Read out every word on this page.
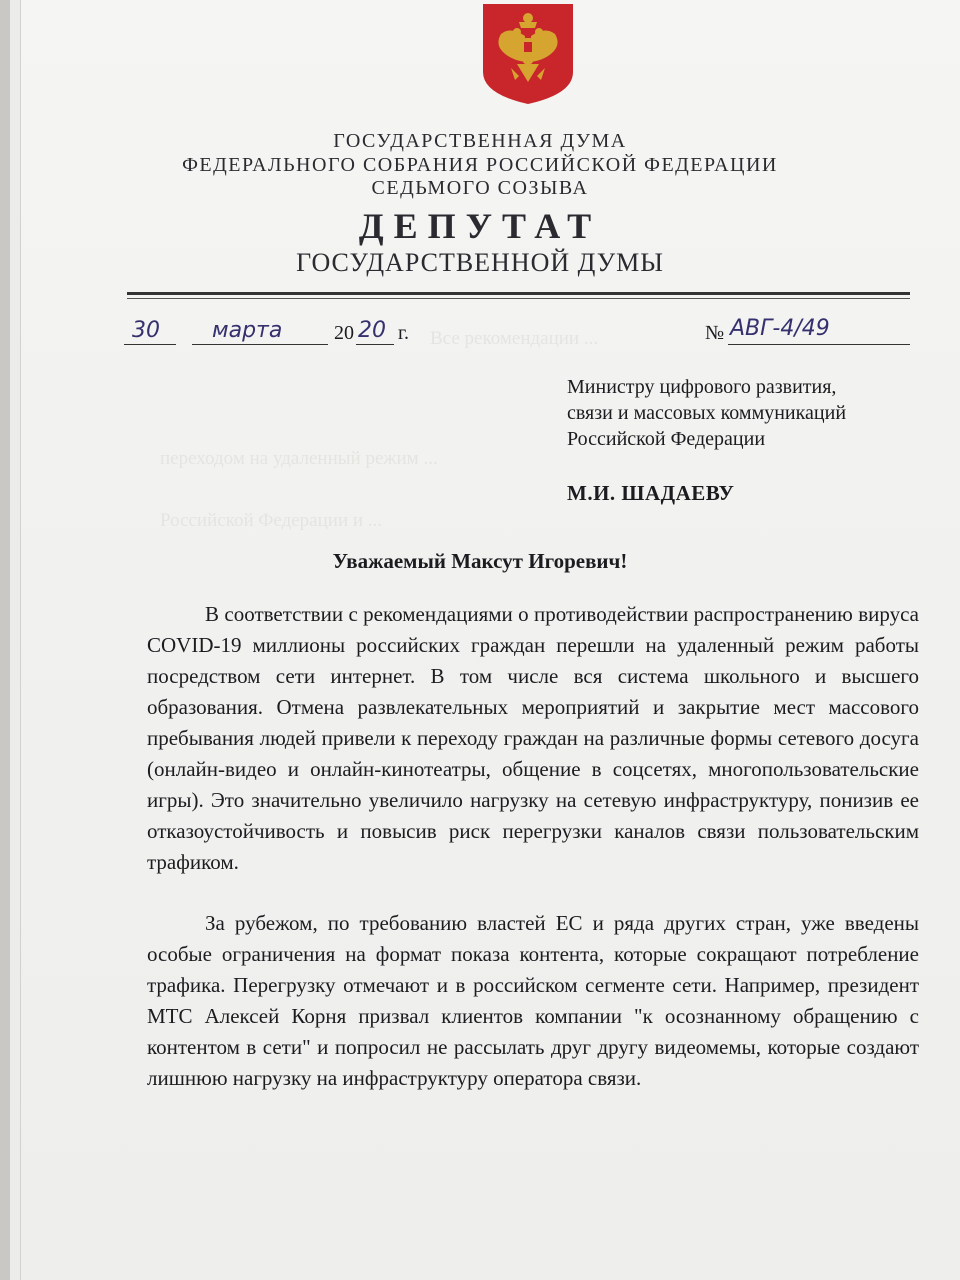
Все рекомендации ...
переходом на удаленный режим ...
Российской Федерации и ...
ГОСУДАРСТВЕННАЯ ДУМА
ФЕДЕРАЛЬНОГО СОБРАНИЯ РОССИЙСКОЙ ФЕДЕРАЦИИ
СЕДЬМОГО СОЗЫВА
ДЕПУТАТ
ГОСУДАРСТВЕННОЙ ДУМЫ
30 марта	20 20 г.	№ АВГ-4/49
Министру цифрового развития,
связи и массовых коммуникаций
Российской Федерации
М.И. ШАДАЕВУ
Уважаемый Максут Игоревич!
В соответствии с рекомендациями о противодействии распространению вируса COVID-19 миллионы российских граждан перешли на удаленный режим работы посредством сети интернет. В том числе вся система школьного и высшего образования. Отмена развлекательных мероприятий и закрытие мест массового пребывания людей привели к переходу граждан на различные формы сетевого досуга (онлайн-видео и онлайн-кинотеатры, общение в соцсетях, многопользовательские игры). Это значительно увеличило нагрузку на сетевую инфраструктуру, понизив ее отказоустойчивость и повысив риск перегрузки каналов связи пользовательским трафиком.
За рубежом, по требованию властей ЕС и ряда других стран, уже введены особые ограничения на формат показа контента, которые сокращают потребление трафика. Перегрузку отмечают и в российском сегменте сети. Например, президент МТС Алексей Корня призвал клиентов компании "к осознанному обращению с контентом в сети" и попросил не рассылать друг другу видеомемы, которые создают лишнюю нагрузку на инфраструктуру оператора связи.
